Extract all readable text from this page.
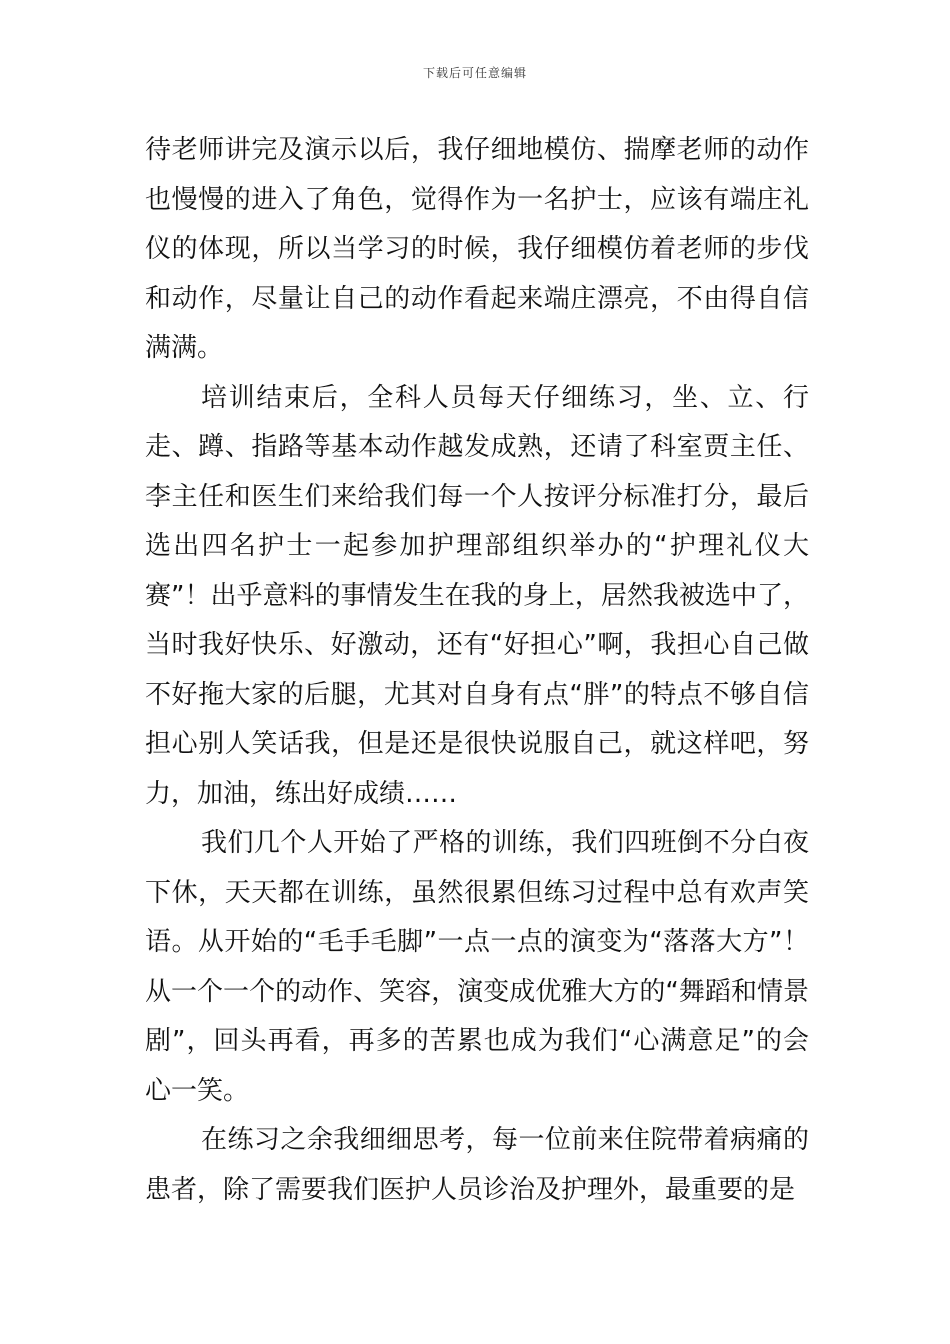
下载后可任意编辑

待老师讲完及演示以后，我仔细地模仿、揣摩老师的动作也慢慢的进入了角色，觉得作为一名护士，应该有端庄礼仪的体现，所以当学习的时候，我仔细模仿着老师的步伐和动作，尽量让自己的动作看起来端庄漂亮，不由得自信满满。

培训结束后，全科人员每天仔细练习，坐、立、行走、蹲、指路等基本动作越发成熟，还请了科室贾主任、李主任和医生们来给我们每一个人按评分标准打分，最后选出四名护士一起参加护理部组织举办的“护理礼仪大赛”！出乎意料的事情发生在我的身上，居然我被选中了，当时我好快乐、好激动，还有“好担心”啊，我担心自己做不好拖大家的后腿，尤其对自身有点“胖”的特点不够自信担心别人笑话我，但是还是很快说服自己，就这样吧，努力，加油，练出好成绩……

我们几个人开始了严格的训练，我们四班倒不分白夜下休，天天都在训练，虽然很累但练习过程中总有欢声笑语。从开始的“毛手毛脚”一点一点的演变为“落落大方”！从一个一个的动作、笑容，演变成优雅大方的“舞蹈和情景剧”，回头再看，再多的苦累也成为我们“心满意足”的会心一笑。

在练习之余我细细思考，每一位前来住院带着病痛的患者，除了需要我们医护人员诊治及护理外，最重要的是
